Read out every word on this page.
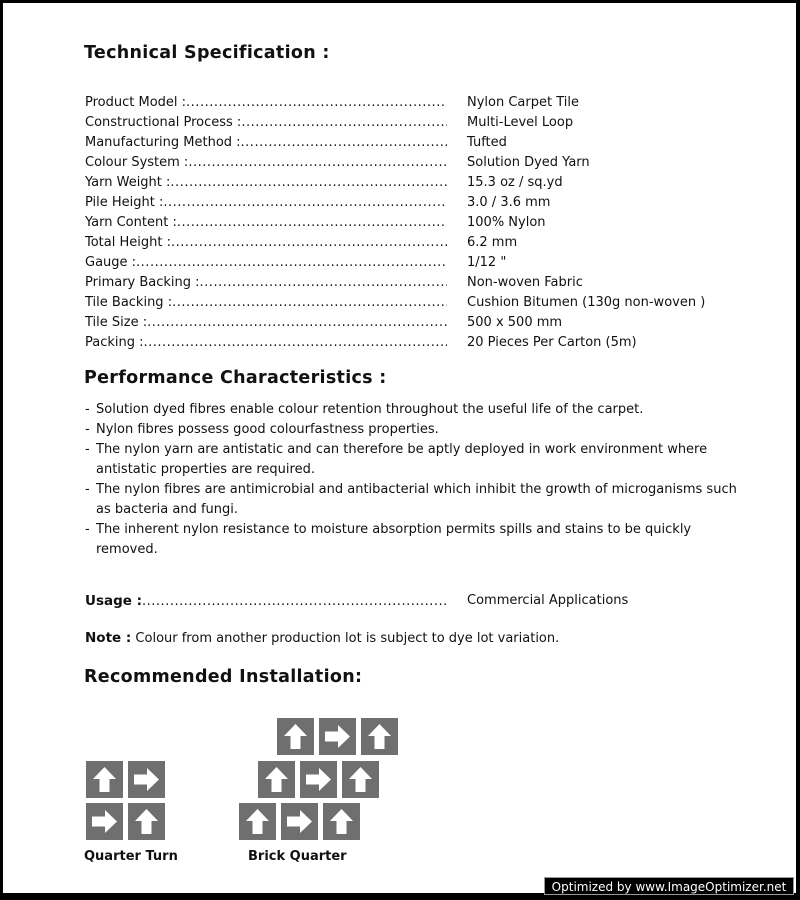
Technical Specification :
Product Model : .....	Nylon Carpet Tile
Constructional Process : .....	Multi-Level Loop
Manufacturing Method : .....	Tufted
Colour System : .....	Solution Dyed Yarn
Yarn Weight : .....	15.3 oz / sq.yd
Pile Height : .....	3.0 / 3.6 mm
Yarn Content : .....	100% Nylon
Total Height : .....	6.2 mm
Gauge : .....	1/12 "
Primary Backing : .....	Non-woven Fabric
Tile Backing : .....	Cushion Bitumen (130g non-woven )
Tile Size : .....	500 x 500 mm
Packing : .....	20 Pieces Per Carton (5m)
Performance Characteristics :
- Solution dyed fibres enable colour retention throughout the useful life of the carpet.
- Nylon fibres possess good colourfastness properties.
- The nylon yarn are antistatic and can therefore be aptly deployed in work environment where antistatic properties are required.
- The nylon fibres are antimicrobial and antibacterial which inhibit the growth of microganisms such as bacteria and fungi.
- The inherent nylon resistance to moisture absorption permits spills and stains to be quickly removed.
Usage : .....	Commercial Applications
Note : Colour from another production lot is subject to dye lot variation.
Recommended Installation:
Quarter Turn	Brick Quarter
Optimized by www.ImageOptimizer.net
